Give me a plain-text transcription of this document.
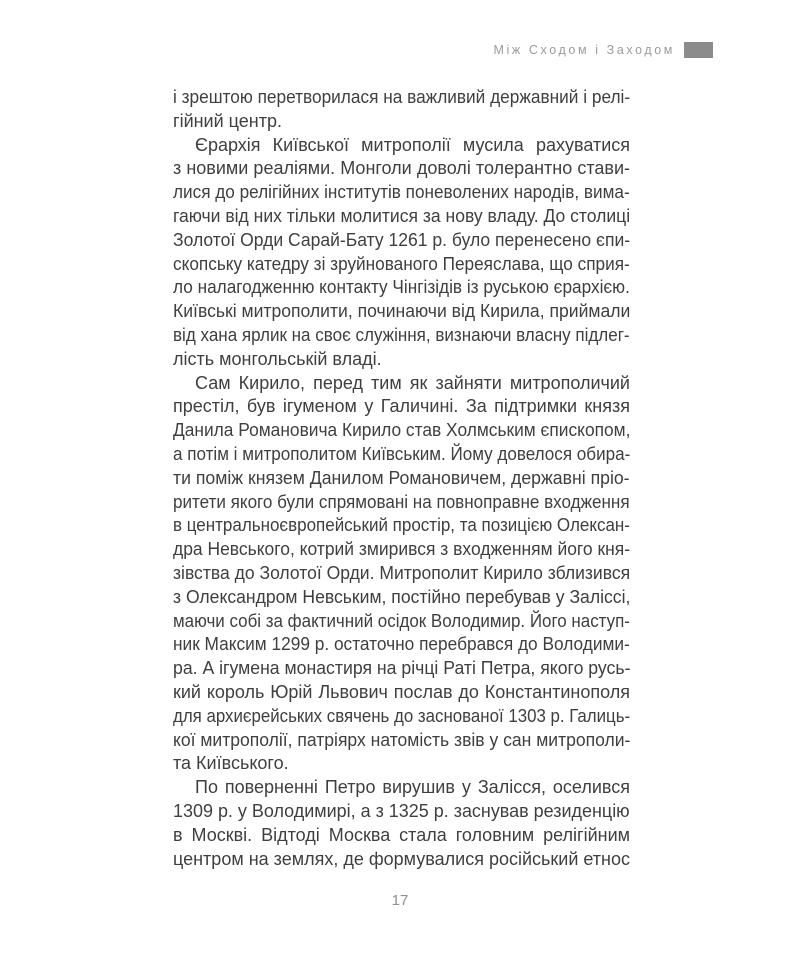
Між Сходом і Заходом
і зрештою перетворилася на важливий державний і релі-
гійний центр.
Єрархія Київської митрополії мусила рахуватися
з новими реаліями. Монголи доволі толерантно стави-
лися до релігійних інститутів поневолених народів, вима-
гаючи від них тільки молитися за нову владу. До столиці
Золотої Орди Сарай-Бату 1261 р. було перенесено єпи-
скопську катедру зі зруйнованого Переяслава, що сприя-
ло налагодженню контакту Чінгізідів із руською єрархією.
Київські митрополити, починаючи від Кирила, приймали
від хана ярлик на своє служіння, визнаючи власну підлег-
лість монгольській владі.
Сам Кирило, перед тим як зайняти митрополичий
престіл, був ігуменом у Галичині. За підтримки князя
Данила Романовича Кирило став Холмським єпископом,
а потім і митрополитом Київським. Йому довелося обира-
ти поміж князем Данилом Романовичем, державні пріо-
ритети якого були спрямовані на повноправне входження
в центральноєвропейський простір, та позицією Олексан-
дра Невського, котрий змирився з входженням його кня-
зівства до Золотої Орди. Митрополит Кирило зблизився
з Олександром Невським, постійно перебував у Заліссі,
маючи собі за фактичний осідок Володимир. Його наступ-
ник Максим 1299 р. остаточно перебрався до Володими-
ра. А ігумена монастиря на річці Раті Петра, якого русь-
кий король Юрій Львович послав до Константинополя
для архиєрейських свячень до заснованої 1303 р. Галиць-
кої митрополії, патріярх натомість звів у сан митрополи-
та Київського.
По поверненні Петро вирушив у Залісся, оселився
1309 р. у Володимирі, а з 1325 р. заснував резиденцію
в Москві. Відтоді Москва стала головним релігійним
центром на землях, де формувалися російський етнос
17
